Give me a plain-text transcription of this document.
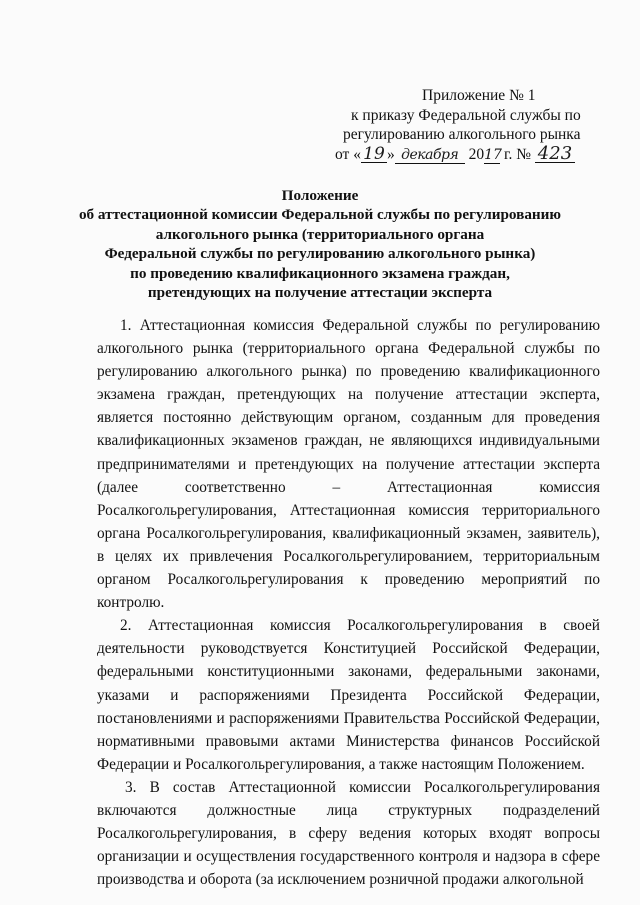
Приложение № 1
к приказу Федеральной службы по
регулированию алкогольного рынка
от « 19 » декабря 2017 г. № 423
Положение
об аттестационной комиссии Федеральной службы по регулированию
алкогольного рынка (территориального органа
Федеральной службы по регулированию алкогольного рынка)
по проведению квалификационного экзамена граждан,
претендующих на получение аттестации эксперта

1. Аттестационная комиссия Федеральной службы по регулированию алкогольного рынка (территориального органа Федеральной службы по регулированию алкогольного рынка) по проведению квалификационного экзамена граждан, претендующих на получение аттестации эксперта, является постоянно действующим органом, созданным для проведения квалификационных экзаменов граждан, не являющихся индивидуальными предпринимателями и претендующих на получение аттестации эксперта (далее соответственно – Аттестационная комиссия Росалкогольрегулирования, Аттестационная комиссия территориального органа Росалкогольрегулирования, квалификационный экзамен, заявитель), в целях их привлечения Росалкогольрегулированием, территориальным органом Росалкогольрегулирования к проведению мероприятий по контролю.

2. Аттестационная комиссия Росалкогольрегулирования в своей деятельности руководствуется Конституцией Российской Федерации, федеральными конституционными законами, федеральными законами, указами и распоряжениями Президента Российской Федерации, постановлениями и распоряжениями Правительства Российской Федерации, нормативными правовыми актами Министерства финансов Российской Федерации и Росалкогольрегулирования, а также настоящим Положением.

3. В состав Аттестационной комиссии Росалкогольрегулирования включаются должностные лица структурных подразделений Росалкогольрегулирования, в сферу ведения которых входят вопросы организации и осуществления государственного контроля и надзора в сфере производства и оборота (за исключением розничной продажи алкогольной
